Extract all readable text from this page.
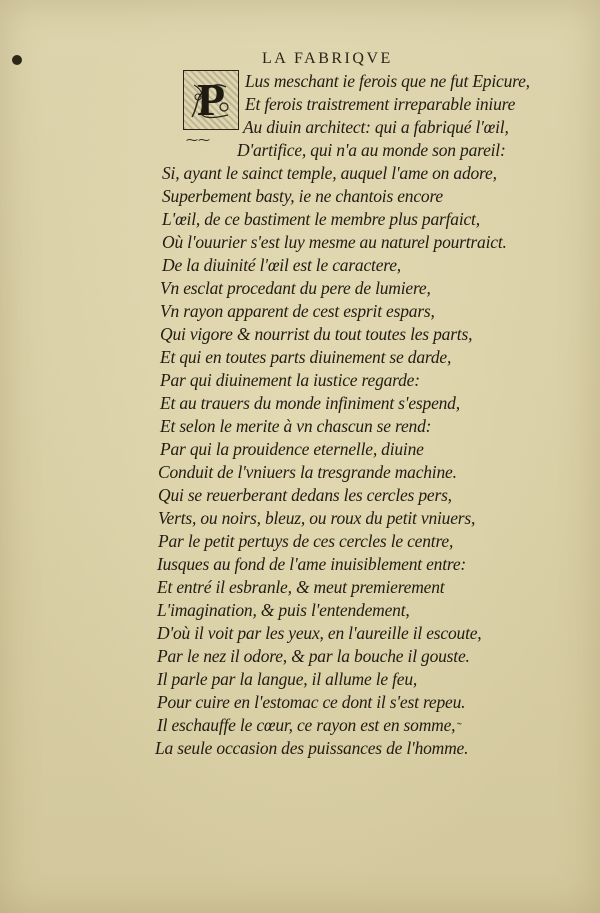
LA FABRIQVE
P
⁓⁓
Lus meschant ie ferois que ne fut Epicure,
Et ferois traistrement irreparable iniure
Au diuin architect: qui a fabriqué l'œil,
D'artifice, qui n'a au monde son pareil:
Si, ayant le sainct temple, auquel l'ame on adore,
Superbement basty, ie ne chantois encore
L'œil, de ce bastiment le membre plus parfaict,
Où l'ouurier s'est luy mesme au naturel pourtraict.
De la diuinité l'œil est le caractere,
Vn esclat procedant du pere de lumiere,
Vn rayon apparent de cest esprit espars,
Qui vigore & nourrist du tout toutes les parts,
Et qui en toutes parts diuinement se darde,
Par qui diuinement la iustice regarde:
Et au trauers du monde infiniment s'espend,
Et selon le merite à vn chascun se rend:
Par qui la prouidence eternelle, diuine
Conduit de l'vniuers la tresgrande machine.
Qui se reuerberant dedans les cercles pers,
Verts, ou noirs, bleuz, ou roux du petit vniuers,
Par le petit pertuys de ces cercles le centre,
Iusques au fond de l'ame inuisiblement entre:
Et entré il esbranle, & meut premierement
L'imagination, & puis l'entendement,
D'où il voit par les yeux, en l'aureille il escoute,
Par le nez il odore, & par la bouche il gouste.
Il parle par la langue, il allume le feu,
Pour cuire en l'estomac ce dont il s'est repeu.
Il eschauffe le cœur, ce rayon est en somme,
La seule occasion des puissances de l'homme.
˷
